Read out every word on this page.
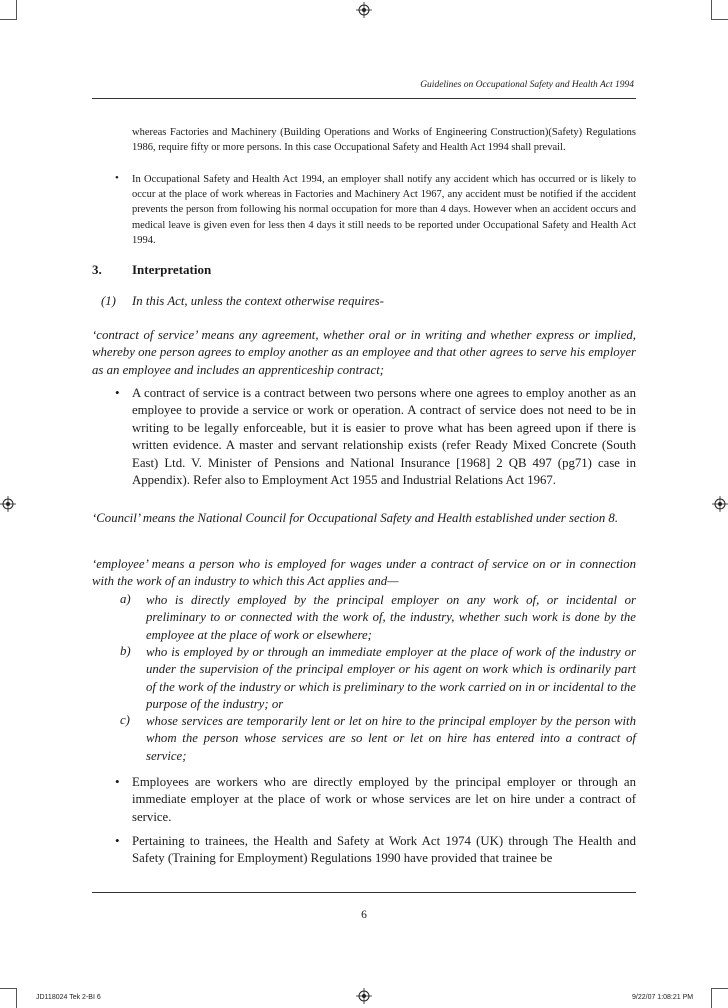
Guidelines on Occupational Safety and Health Act 1994
whereas Factories and Machinery (Building Operations and Works of Engineering Construction)(Safety) Regulations 1986, require fifty or more persons. In this case Occupational Safety and Health Act 1994 shall prevail.
• In Occupational Safety and Health Act 1994, an employer shall notify any accident which has occurred or is likely to occur at the place of work whereas in Factories and Machinery Act 1967, any accident must be notified if the accident prevents the person from following his normal occupation for more than 4 days. However when an accident occurs and medical leave is given even for less then 4 days it still needs to be reported under Occupational Safety and Health Act 1994.
3. Interpretation
(1) In this Act, unless the context otherwise requires-
‘contract of service’ means any agreement, whether oral or in writing and whether express or implied, whereby one person agrees to employ another as an employee and that other agrees to serve his employer as an employee and includes an apprenticeship contract;
• A contract of service is a contract between two persons where one agrees to employ another as an employee to provide a service or work or operation. A contract of service does not need to be in writing to be legally enforceable, but it is easier to prove what has been agreed upon if there is written evidence. A master and servant relationship exists (refer Ready Mixed Concrete (South East) Ltd. V. Minister of Pensions and National Insurance [1968] 2 QB 497 (pg71) case in Appendix). Refer also to Employment Act 1955 and Industrial Relations Act 1967.
‘Council’ means the National Council for Occupational Safety and Health established under section 8.
‘employee’ means a person who is employed for wages under a contract of service on or in connection with the work of an industry to which this Act applies and—
a) who is directly employed by the principal employer on any work of, or incidental or preliminary to or connected with the work of, the industry, whether such work is done by the employee at the place of work or elsewhere;
b) who is employed by or through an immediate employer at the place of work of the industry or under the supervision of the principal employer or his agent on work which is ordinarily part of the work of the industry or which is preliminary to the work carried on in or incidental to the purpose of the industry; or
c) whose services are temporarily lent or let on hire to the principal employer by the person with whom the person whose services are so lent or let on hire has entered into a contract of service;
• Employees are workers who are directly employed by the principal employer or through an immediate employer at the place of work or whose services are let on hire under a contract of service.
• Pertaining to trainees, the Health and Safety at Work Act 1974 (UK) through The Health and Safety (Training for Employment) Regulations 1990 have provided that trainee be
6
JD118024 Tek 2-BI 6	9/22/07 1:08:21 PM
